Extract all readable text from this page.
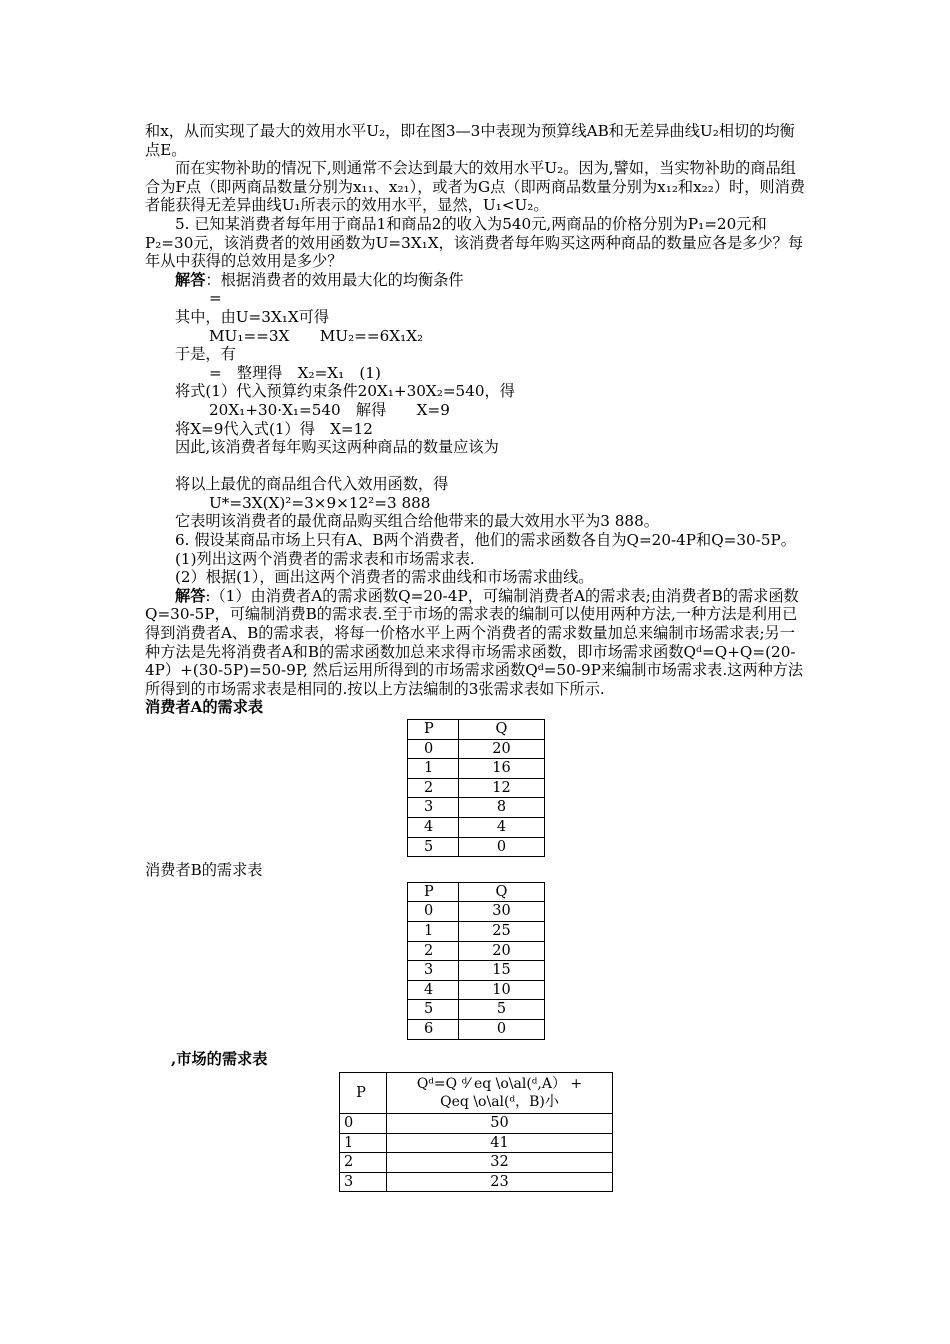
和x，从而实现了最大的效用水平U₂，即在图3—3中表现为预算线AB和无差异曲线U₂相切的均衡点E。

而在实物补助的情况下,则通常不会达到最大的效用水平U₂。因为,譬如，当实物补助的商品组合为F点（即两商品数量分别为x₁₁、x₂₁），或者为G点（即两商品数量分别为x₁₂和x₂₂）时，则消费者能获得无差异曲线U₁所表示的效用水平，显然，U₁<U₂。

5. 已知某消费者每年用于商品1和商品2的收入为540元,两商品的价格分别为P₁=20元和P₂=30元，该消费者的效用函数为U=3X₁X，该消费者每年购买这两种商品的数量应各是多少？每年从中获得的总效用是多少？

解答：根据消费者的效用最大化的均衡条件

=

其中，由U=3X₁X可得

MU₁==3X　　MU₂==6X₁X₂

于是，有

=　整理得　X₂=X₁　(1)

将式(1）代入预算约束条件20X₁+30X₂=540，得

20X₁+30·X₁=540　解得　　X=9

将X=9代入式(1）得　X=12

因此,该消费者每年购买这两种商品的数量应该为

将以上最优的商品组合代入效用函数，得

U*=3X(X)²=3×9×12²=3 888

它表明该消费者的最优商品购买组合给他带来的最大效用水平为3 888。

6. 假设某商品市场上只有A、B两个消费者，他们的需求函数各自为Q=20-4P和Q=30-5P。

(1)列出这两个消费者的需求表和市场需求表.

(2）根据(1），画出这两个消费者的需求曲线和市场需求曲线。

解答:（1）由消费者A的需求函数Q=20-4P，可编制消费者A的需求表;由消费者B的需求函数Q=30-5P，可编制消费B的需求表.至于市场的需求表的编制可以使用两种方法,一种方法是利用已得到消费者A、B的需求表，将每一价格水平上两个消费者的需求数量加总来编制市场需求表;另一种方法是先将消费者A和B的需求函数加总来求得市场需求函数，即市场需求函数Qᵈ=Q+Q=(20-4P）+(30-5P)=50-9P, 然后运用所得到的市场需求函数Qᵈ=50-9P来编制市场需求表.这两种方法所得到的市场需求表是相同的.按以上方法编制的3张需求表如下所示.

消费者A的需求表

P	Q
0	20
1	16
2	12
3	8
4	4
5	0

消费者B的需求表

P	Q
0	30
1	25
2	20
3	15
4	10
5	5
6	0

,市场的需求表

P	Qᵈ=Q ᵈ⁄ eq \o\al(ᵈ,A） +
Qeq \o\al(ᵈ，B)小
0	50
1	41
2	32
3	23
